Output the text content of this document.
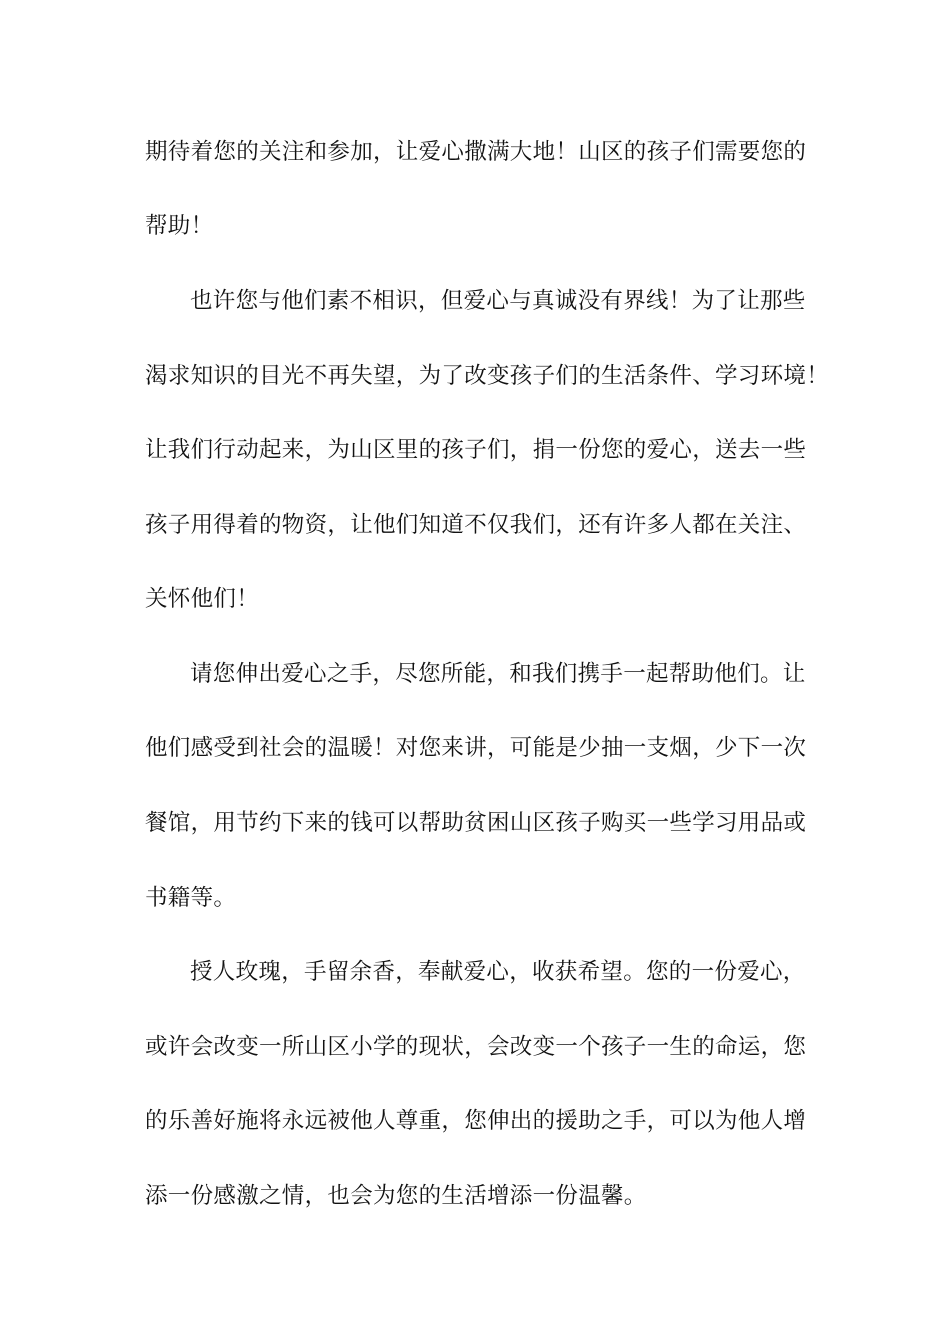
期待着您的关注和参加，让爱心撒满大地！山区的孩子们需要您的
帮助！
也许您与他们素不相识，但爱心与真诚没有界线！为了让那些
渴求知识的目光不再失望，为了改变孩子们的生活条件、学习环境！
让我们行动起来，为山区里的孩子们，捐一份您的爱心，送去一些
孩子用得着的物资，让他们知道不仅我们，还有许多人都在关注、
关怀他们！
请您伸出爱心之手，尽您所能，和我们携手一起帮助他们。让
他们感受到社会的温暖！对您来讲，可能是少抽一支烟，少下一次
餐馆，用节约下来的钱可以帮助贫困山区孩子购买一些学习用品或
书籍等。
授人玫瑰，手留余香，奉献爱心，收获希望。您的一份爱心，
或许会改变一所山区小学的现状，会改变一个孩子一生的命运，您
的乐善好施将永远被他人尊重，您伸出的援助之手，可以为他人增
添一份感激之情，也会为您的生活增添一份温馨。
